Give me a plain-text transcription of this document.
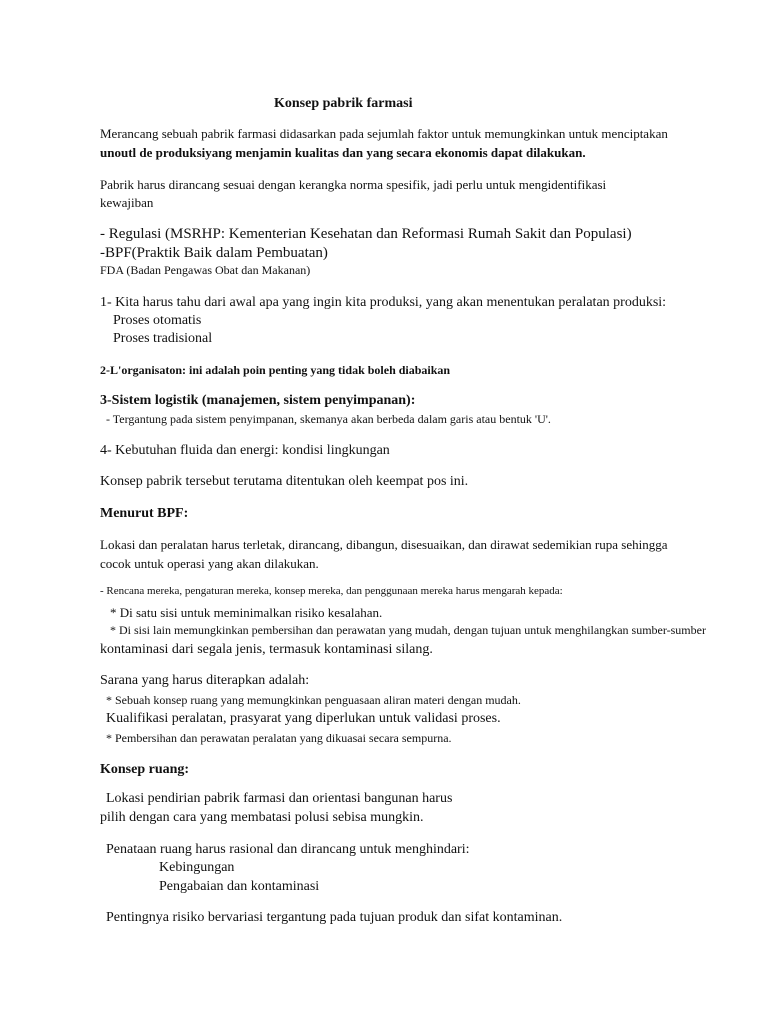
Konsep pabrik farmasi
Merancang sebuah pabrik farmasi didasarkan pada sejumlah faktor untuk memungkinkan untuk menciptakan
unoutl de produksiyang menjamin kualitas dan yang secara ekonomis dapat dilakukan.
Pabrik harus dirancang sesuai dengan kerangka norma spesifik, jadi perlu untuk mengidentifikasi
kewajiban
- Regulasi (MSRHP: Kementerian Kesehatan dan Reformasi Rumah Sakit dan Populasi)
-BPF(Praktik Baik dalam Pembuatan)
FDA (Badan Pengawas Obat dan Makanan)
1- Kita harus tahu dari awal apa yang ingin kita produksi, yang akan menentukan peralatan produksi:
Proses otomatis
Proses tradisional
2-L'organisaton: ini adalah poin penting yang tidak boleh diabaikan
3-Sistem logistik (manajemen, sistem penyimpanan):
- Tergantung pada sistem penyimpanan, skemanya akan berbeda dalam garis atau bentuk 'U'.
4- Kebutuhan fluida dan energi: kondisi lingkungan
Konsep pabrik tersebut terutama ditentukan oleh keempat pos ini.
Menurut BPF:
Lokasi dan peralatan harus terletak, dirancang, dibangun, disesuaikan, dan dirawat sedemikian rupa sehingga
cocok untuk operasi yang akan dilakukan.
- Rencana mereka, pengaturan mereka, konsep mereka, dan penggunaan mereka harus mengarah kepada:
* Di satu sisi untuk meminimalkan risiko kesalahan.
* Di sisi lain memungkinkan pembersihan dan perawatan yang mudah, dengan tujuan untuk menghilangkan sumber-sumber
kontaminasi dari segala jenis, termasuk kontaminasi silang.
Sarana yang harus diterapkan adalah:
* Sebuah konsep ruang yang memungkinkan penguasaan aliran materi dengan mudah.
Kualifikasi peralatan, prasyarat yang diperlukan untuk validasi proses.
* Pembersihan dan perawatan peralatan yang dikuasai secara sempurna.
Konsep ruang:
Lokasi pendirian pabrik farmasi dan orientasi bangunan harus
pilih dengan cara yang membatasi polusi sebisa mungkin.
Penataan ruang harus rasional dan dirancang untuk menghindari:
Kebingungan
Pengabaian dan kontaminasi
Pentingnya risiko bervariasi tergantung pada tujuan produk dan sifat kontaminan.
